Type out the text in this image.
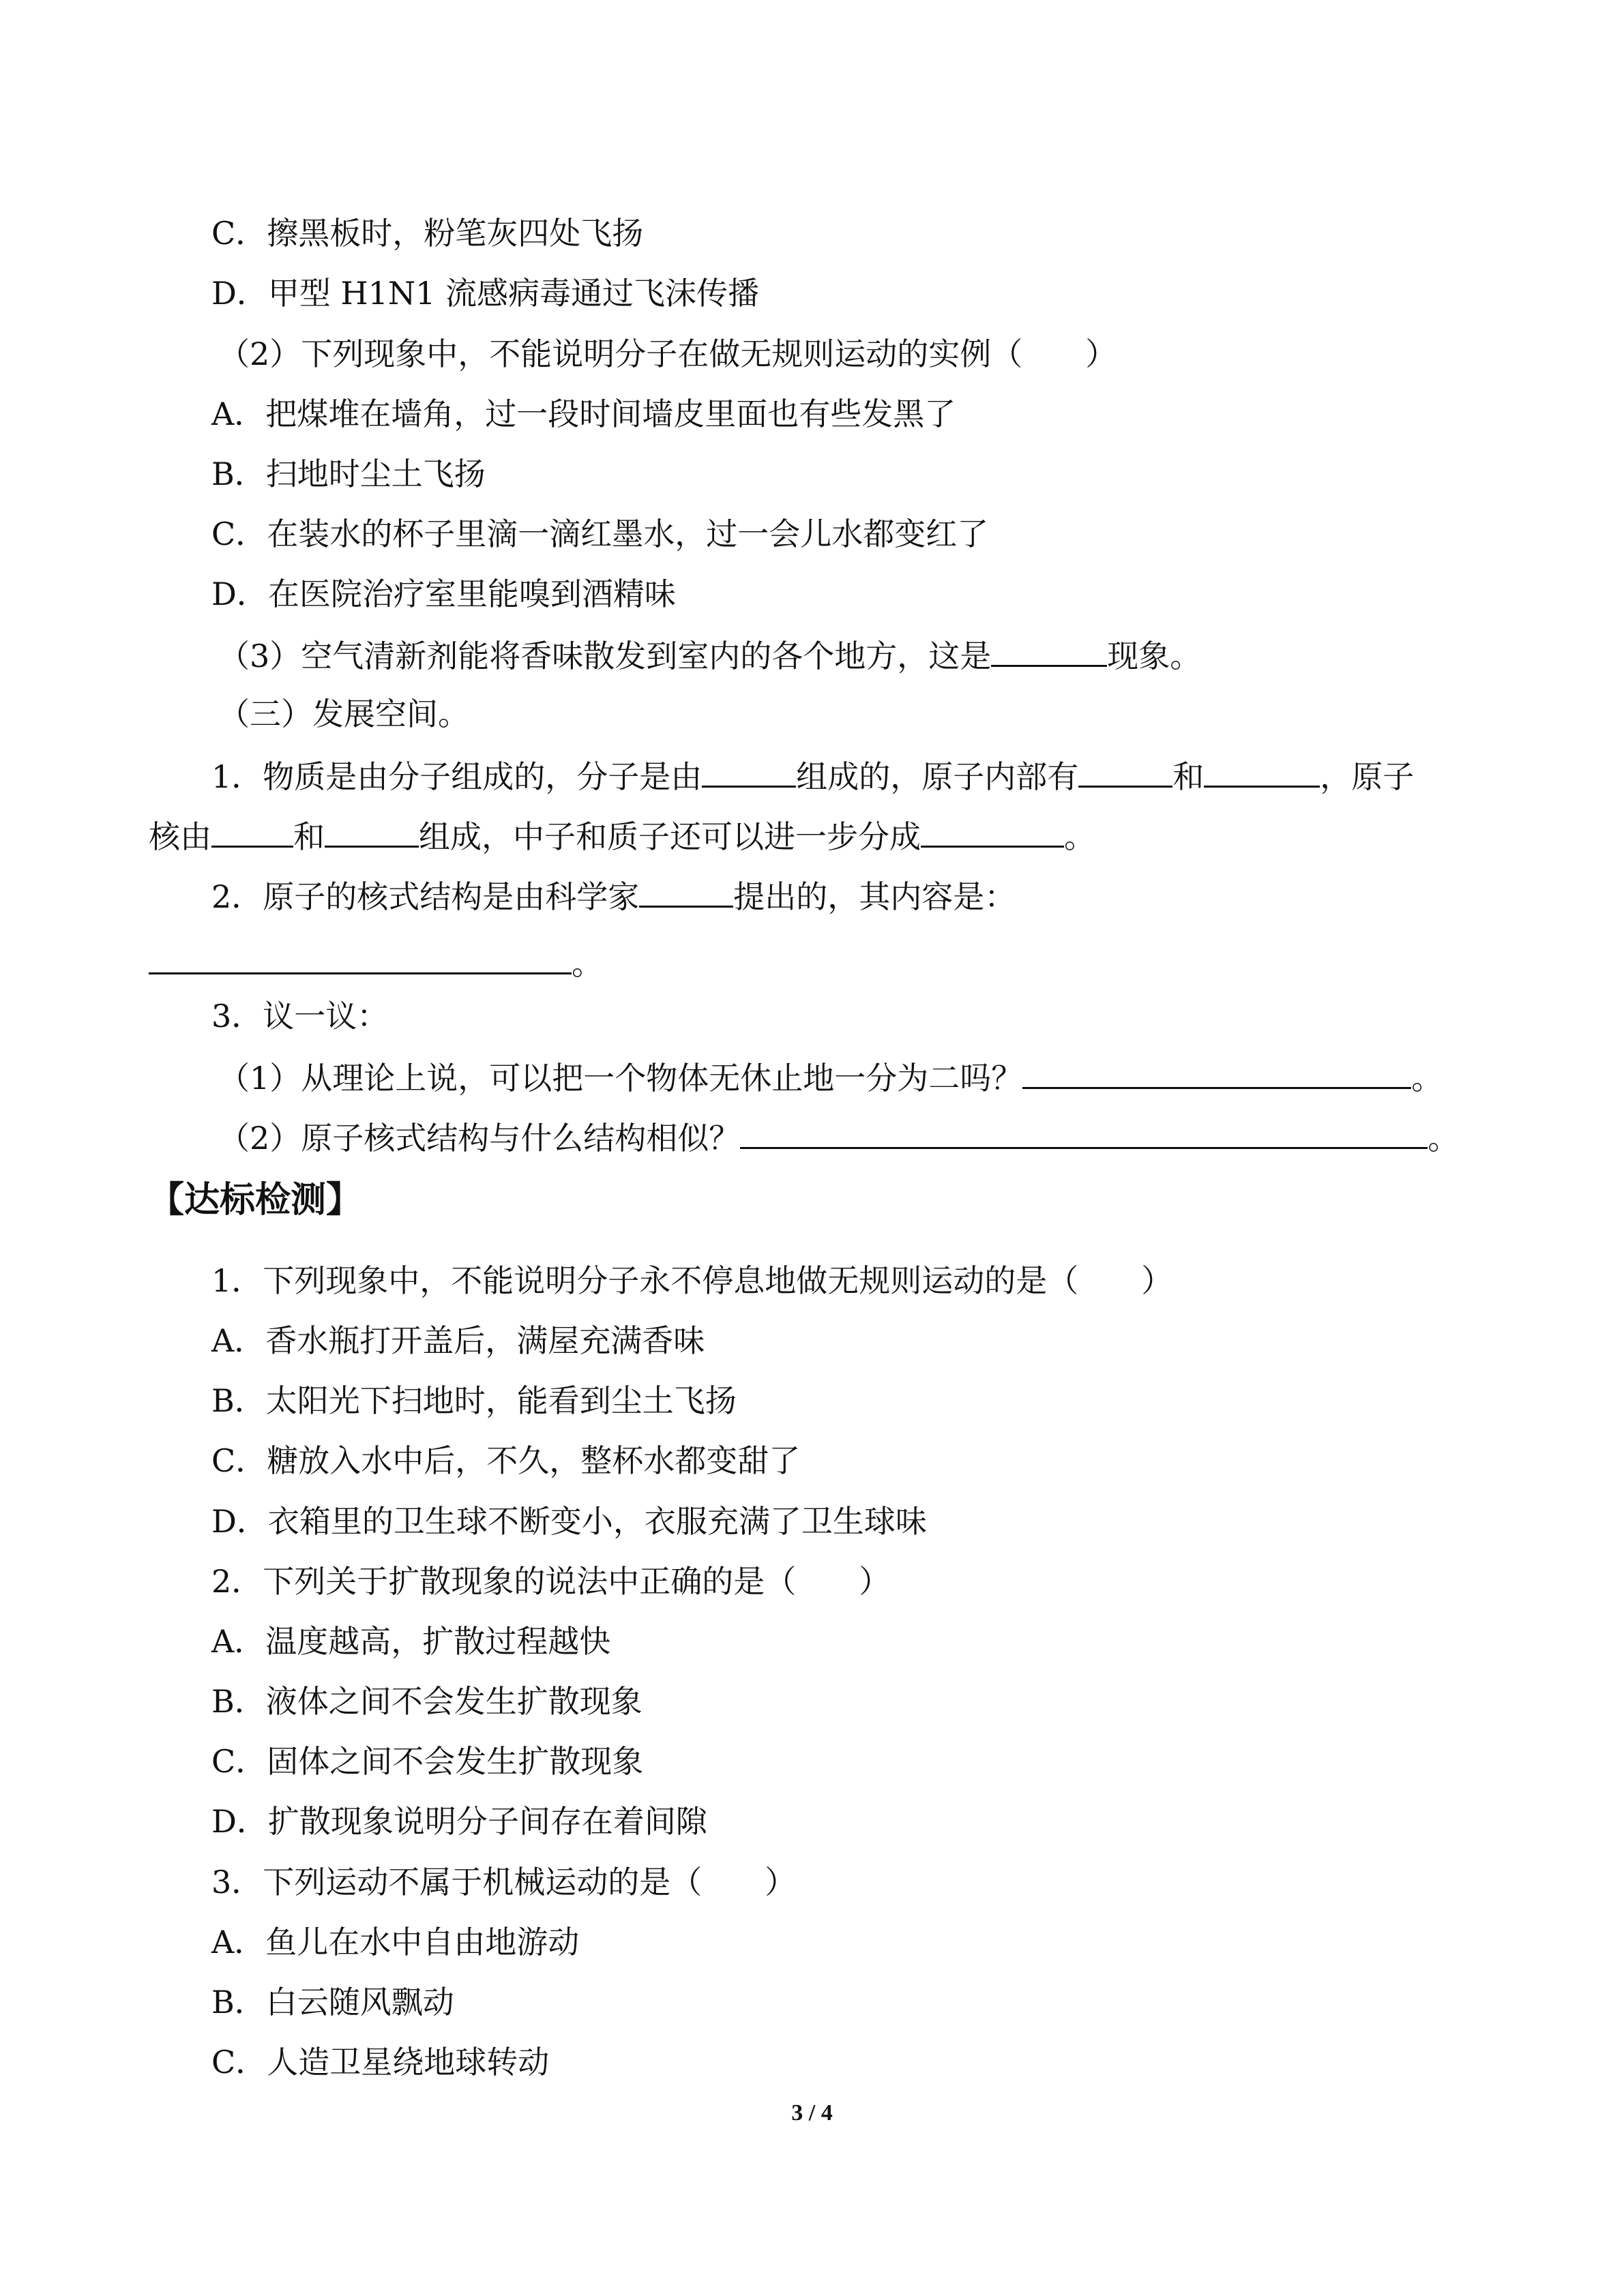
C．擦黑板时，粉笔灰四处飞扬
D．甲型 H1N1 流感病毒通过飞沫传播
（2）下列现象中，不能说明分子在做无规则运动的实例（　　）
A．把煤堆在墙角，过一段时间墙皮里面也有些发黑了
B．扫地时尘土飞扬
C．在装水的杯子里滴一滴红墨水，过一会儿水都变红了
D．在医院治疗室里能嗅到酒精味
（3）空气清新剂能将香味散发到室内的各个地方，这是	现象。
（三）发展空间。
1．物质是由分子组成的，分子是由	组成的，原子内部有	和	，原子
核由	和	组成，中子和质子还可以进一步分成	。
2．原子的核式结构是由科学家	提出的，其内容是：
。
3．议一议：
（1）从理论上说，可以把一个物体无休止地一分为二吗？	。
（2）原子核式结构与什么结构相似？	。
【达标检测】
1．下列现象中，不能说明分子永不停息地做无规则运动的是（　　）
A．香水瓶打开盖后，满屋充满香味
B．太阳光下扫地时，能看到尘土飞扬
C．糖放入水中后，不久，整杯水都变甜了
D．衣箱里的卫生球不断变小，衣服充满了卫生球味
2．下列关于扩散现象的说法中正确的是（　　）
A．温度越高，扩散过程越快
B．液体之间不会发生扩散现象
C．固体之间不会发生扩散现象
D．扩散现象说明分子间存在着间隙
3．下列运动不属于机械运动的是（　　）
A．鱼儿在水中自由地游动
B．白云随风飘动
C．人造卫星绕地球转动
3 / 4
